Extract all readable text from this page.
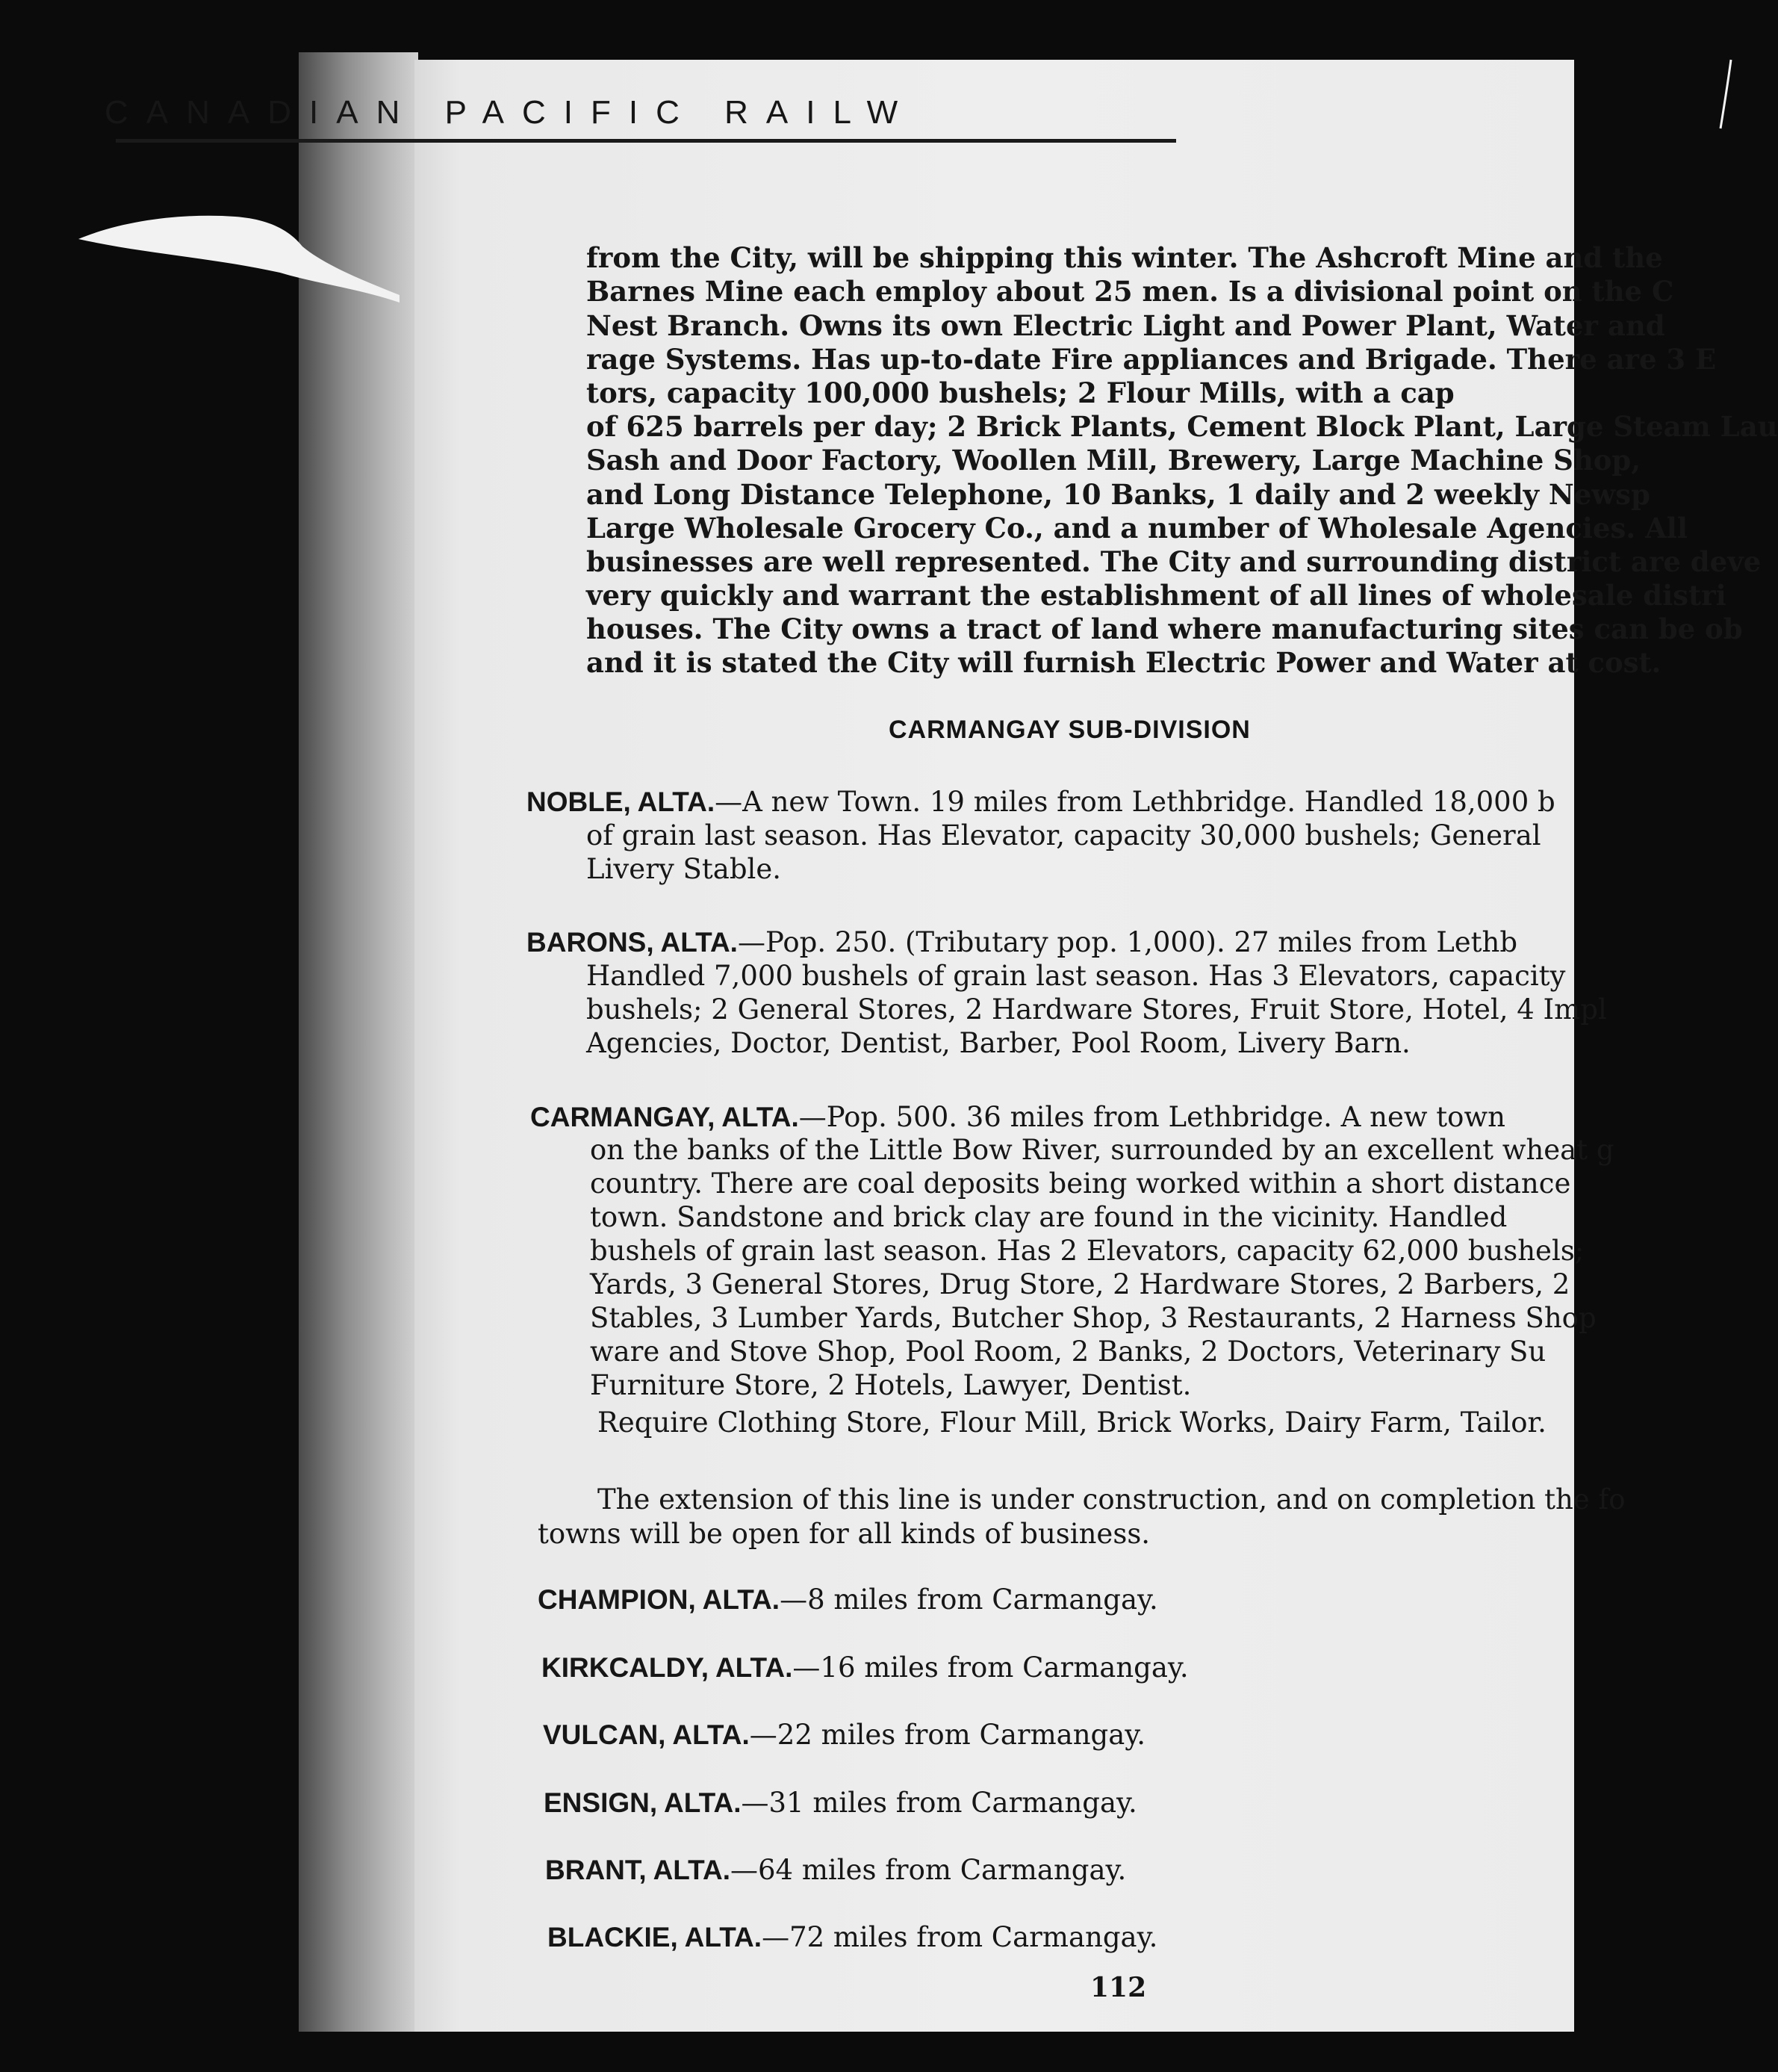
CANADIAN PACIFIC RAILW
from the City, will be shipping this winter. The Ashcroft Mine and the
Barnes Mine each employ about 25 men. Is a divisional point on the C
Nest Branch. Owns its own Electric Light and Power Plant, Water and
rage Systems. Has up-to-date Fire appliances and Brigade. There are 3 E
tors, capacity 100,000 bushels; 2 Flour Mills, with a cap
of 625 barrels per day; 2 Brick Plants, Cement Block Plant, Large Steam Lau
Sash and Door Factory, Woollen Mill, Brewery, Large Machine Shop,
and Long Distance Telephone, 10 Banks, 1 daily and 2 weekly Newsp
Large Wholesale Grocery Co., and a number of Wholesale Agencies. All
businesses are well represented. The City and surrounding district are deve
very quickly and warrant the establishment of all lines of wholesale distri
houses. The City owns a tract of land where manufacturing sites can be ob
and it is stated the City will furnish Electric Power and Water at cost.
CARMANGAY SUB-DIVISION
NOBLE, ALTA.—A new Town. 19 miles from Lethbridge. Handled 18,000 b
of grain last season. Has Elevator, capacity 30,000 bushels; General
Livery Stable.
BARONS, ALTA.—Pop. 250. (Tributary pop. 1,000). 27 miles from Lethb
Handled 7,000 bushels of grain last season. Has 3 Elevators, capacity
bushels; 2 General Stores, 2 Hardware Stores, Fruit Store, Hotel, 4 Impl
Agencies, Doctor, Dentist, Barber, Pool Room, Livery Barn.
CARMANGAY, ALTA.—Pop. 500. 36 miles from Lethbridge. A new town
on the banks of the Little Bow River, surrounded by an excellent wheat g
country. There are coal deposits being worked within a short distance
town. Sandstone and brick clay are found in the vicinity. Handled
bushels of grain last season. Has 2 Elevators, capacity 62,000 bushels;
Yards, 3 General Stores, Drug Store, 2 Hardware Stores, 2 Barbers, 2
Stables, 3 Lumber Yards, Butcher Shop, 3 Restaurants, 2 Harness Shop
ware and Stove Shop, Pool Room, 2 Banks, 2 Doctors, Veterinary Su
Furniture Store, 2 Hotels, Lawyer, Dentist.
Require Clothing Store, Flour Mill, Brick Works, Dairy Farm, Tailor.
The extension of this line is under construction, and on completion the fo
towns will be open for all kinds of business.
CHAMPION, ALTA.—8 miles from Carmangay.
KIRKCALDY, ALTA.—16 miles from Carmangay.
VULCAN, ALTA.—22 miles from Carmangay.
ENSIGN, ALTA.—31 miles from Carmangay.
BRANT, ALTA.—64 miles from Carmangay.
BLACKIE, ALTA.—72 miles from Carmangay.
112
